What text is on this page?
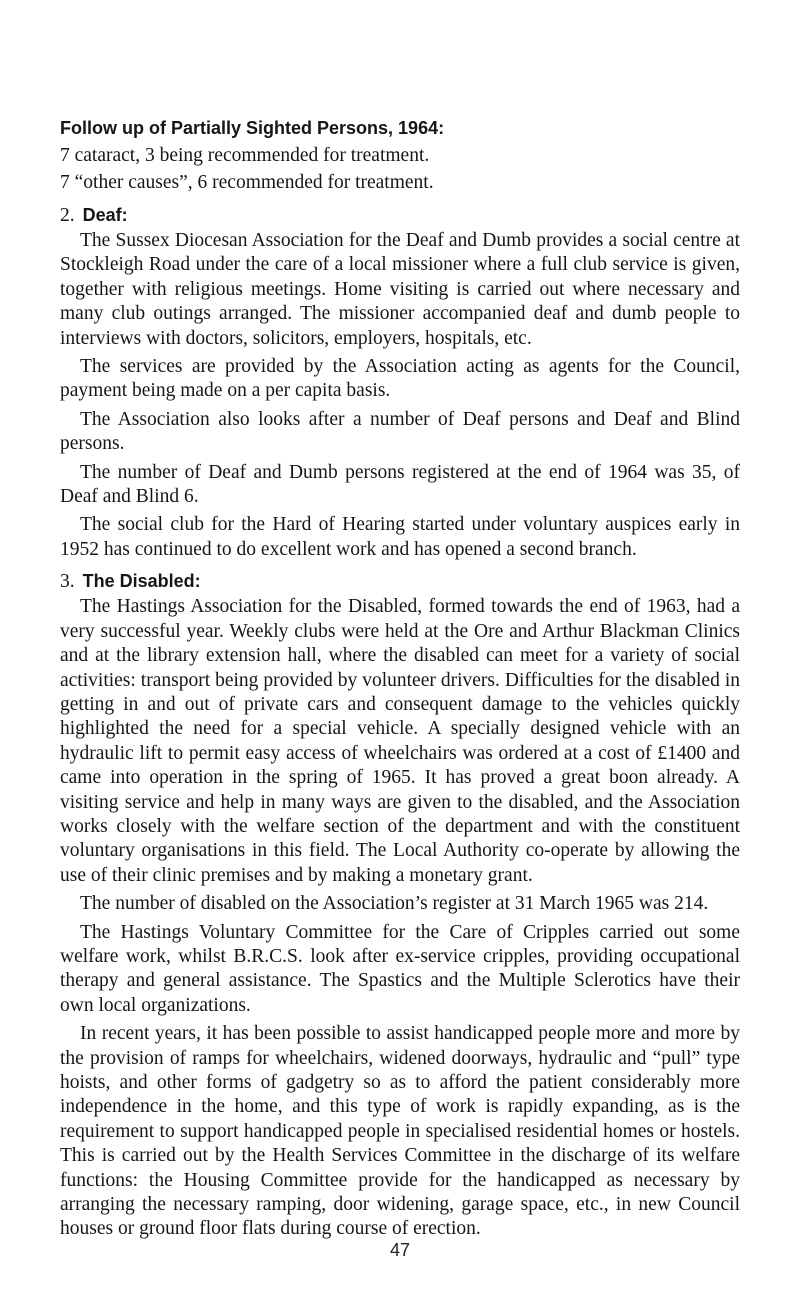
Follow up of Partially Sighted Persons, 1964:

7 cataract, 3 being recommended for treatment.

7 “other causes”, 6 recommended for treatment.

2. Deaf:

The Sussex Diocesan Association for the Deaf and Dumb provides a social centre at Stockleigh Road under the care of a local missioner where a full club service is given, together with religious meetings. Home visiting is carried out where necessary and many club outings arranged. The missioner accompanied deaf and dumb people to interviews with doctors, solicitors, employers, hospitals, etc.

The services are provided by the Association acting as agents for the Council, payment being made on a per capita basis.

The Association also looks after a number of Deaf persons and Deaf and Blind persons.

The number of Deaf and Dumb persons registered at the end of 1964 was 35, of Deaf and Blind 6.

The social club for the Hard of Hearing started under voluntary auspices early in 1952 has continued to do excellent work and has opened a second branch.

3. The Disabled:

The Hastings Association for the Disabled, formed towards the end of 1963, had a very successful year. Weekly clubs were held at the Ore and Arthur Blackman Clinics and at the library extension hall, where the disabled can meet for a variety of social activities: transport being provided by volunteer drivers. Difficulties for the disabled in getting in and out of private cars and consequent damage to the vehicles quickly highlighted the need for a special vehicle. A specially designed vehicle with an hydraulic lift to permit easy access of wheelchairs was ordered at a cost of £1400 and came into operation in the spring of 1965. It has proved a great boon already. A visiting service and help in many ways are given to the disabled, and the Association works closely with the welfare section of the department and with the constituent voluntary organisations in this field. The Local Authority co-operate by allowing the use of their clinic premises and by making a monetary grant.

The number of disabled on the Association’s register at 31 March 1965 was 214.

The Hastings Voluntary Committee for the Care of Cripples carried out some welfare work, whilst B.R.C.S. look after ex-service cripples, providing occupational therapy and general assistance. The Spastics and the Multiple Sclerotics have their own local organizations.

In recent years, it has been possible to assist handicapped people more and more by the provision of ramps for wheelchairs, widened doorways, hydraulic and “pull” type hoists, and other forms of gadgetry so as to afford the patient considerably more independence in the home, and this type of work is rapidly expanding, as is the requirement to support handicapped people in specialised residential homes or hostels. This is carried out by the Health Services Committee in the discharge of its welfare functions: the Housing Committee provide for the handicapped as necessary by arranging the necessary ramping, door widening, garage space, etc., in new Council houses or ground floor flats during course of erection.

47
